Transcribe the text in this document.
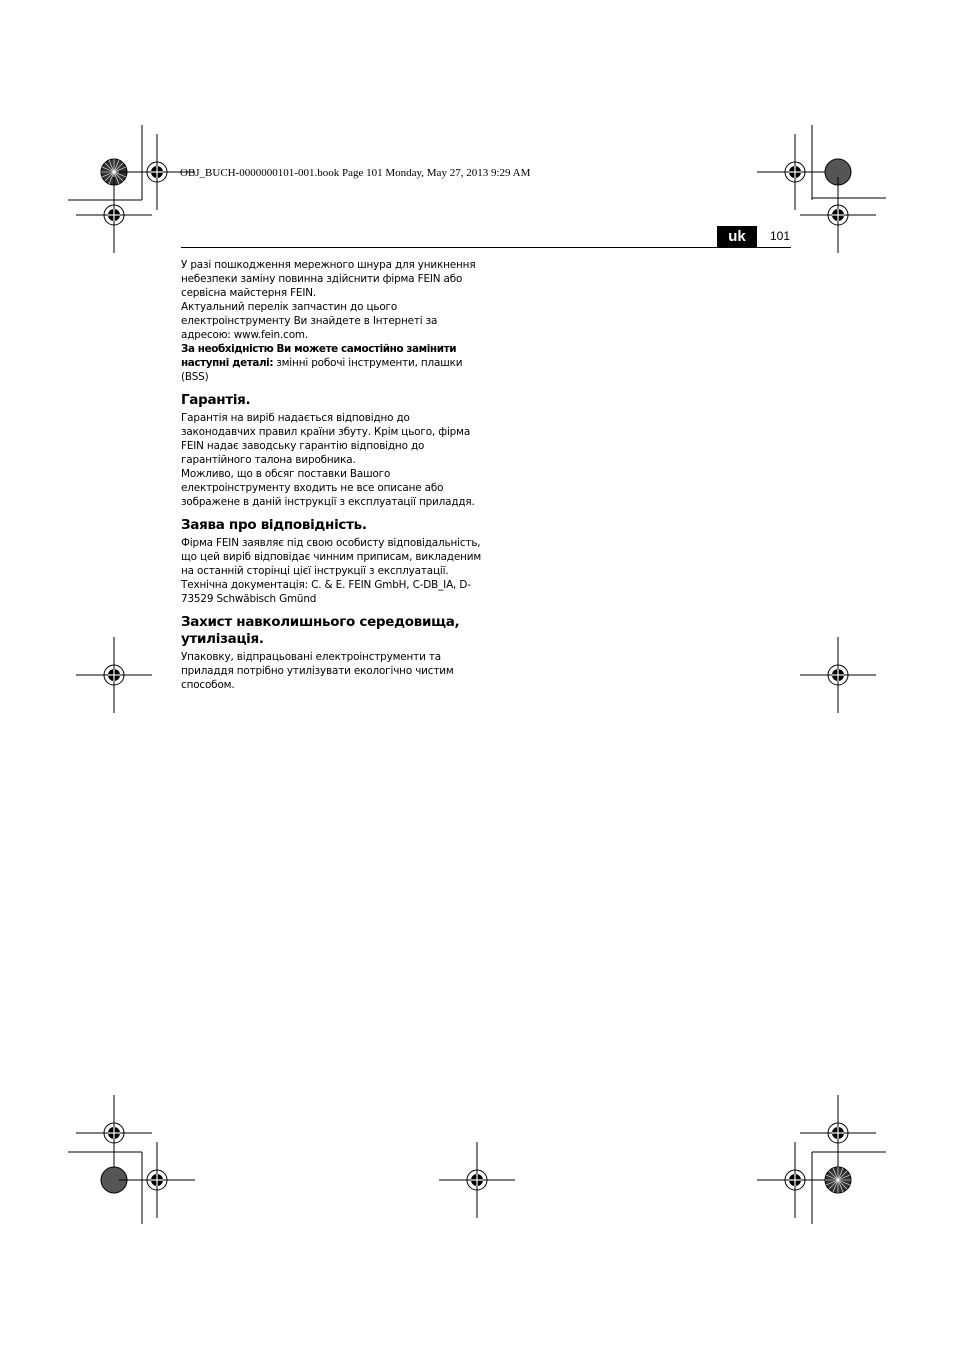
OBJ_BUCH-0000000101-001.book Page 101 Monday, May 27, 2013 9:29 AM
uk	101

У разі пошкодження мережного шнура для уникнення небезпеки заміну повинна здійснити фірма FEIN або сервісна майстерня FEIN.

Актуальний перелік запчастин до цього електроінструменту Ви знайдете в Інтернеті за адресою: www.fein.com.

За необхідністю Ви можете самостійно замінити наступні деталі: змінні робочі інструменти, плашки (BSS)

Гарантія.

Гарантія на виріб надається відповідно до законодавчих правил країни збуту. Крім цього, фірма FEIN надає заводську гарантію відповідно до гарантійного талона виробника.

Можливо, що в обсяг поставки Вашого електроінструменту входить не все описане або зображене в даній інструкції з експлуатації приладдя.

Заява про відповідність.

Фірма FEIN заявляє під свою особисту відповідальність, що цей виріб відповідає чинним приписам, викладеним на останній сторінці цієї інструкції з експлуатації.

Технічна документація: C. & E. FEIN GmbH, C-DB_IA, D-73529 Schwäbisch Gmünd

Захист навколишнього середовища, утилізація.

Упаковку, відпрацьовані електроінструменти та приладдя потрібно утилізувати екологічно чистим способом.
